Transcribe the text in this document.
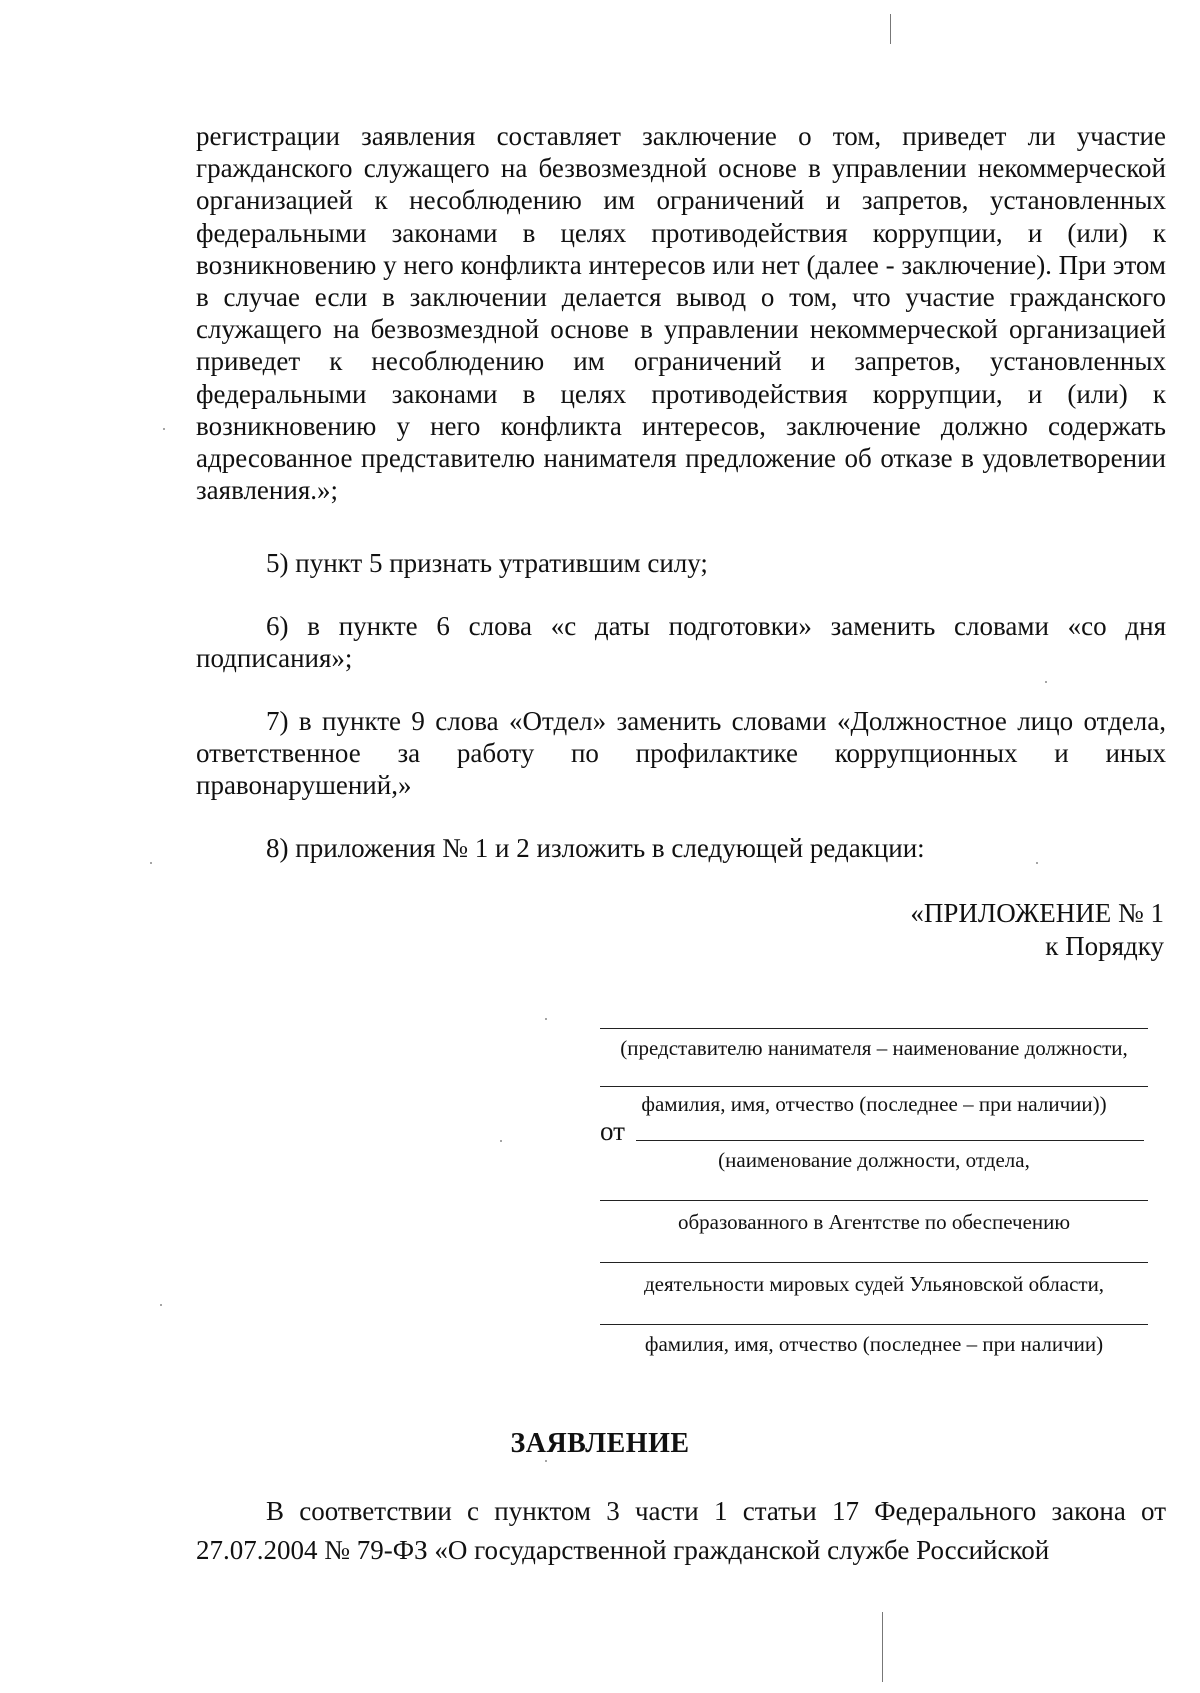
регистрации заявления составляет заключение о том, приведет ли участие гражданского служащего на безвозмездной основе в управлении некоммерческой организацией к несоблюдению им ограничений и запретов, установленных федеральными законами в целях противодействия коррупции, и (или) к возникновению у него конфликта интересов или нет (далее - заключение). При этом в случае если в заключении делается вывод о том, что участие гражданского служащего на безвозмездной основе в управлении некоммерческой организацией приведет к несоблюдению им ограничений и запретов, установленных федеральными законами в целях противодействия коррупции, и (или) к возникновению у него конфликта интересов, заключение должно содержать адресованное представителю нанимателя предложение об отказе в удовлетворении заявления.»;
5) пункт 5 признать утратившим силу;
6) в пункте 6 слова «с даты подготовки» заменить словами «со дня подписания»;
7) в пункте 9 слова «Отдел» заменить словами «Должностное лицо отдела, ответственное за работу по профилактике коррупционных и иных правонарушений,»
8) приложения № 1 и 2 изложить в следующей редакции:
«ПРИЛОЖЕНИЕ № 1
к Порядку
(представителю нанимателя – наименование должности,
фамилия, имя, отчество (последнее – при наличии))
от
(наименование должности, отдела,
образованного в Агентстве по обеспечению
деятельности мировых судей Ульяновской области,
фамилия, имя, отчество (последнее – при наличии)
ЗАЯВЛЕНИЕ
В соответствии с пунктом 3 части 1 статьи 17 Федерального закона от 27.07.2004 № 79-ФЗ «О государственной гражданской службе Российской
